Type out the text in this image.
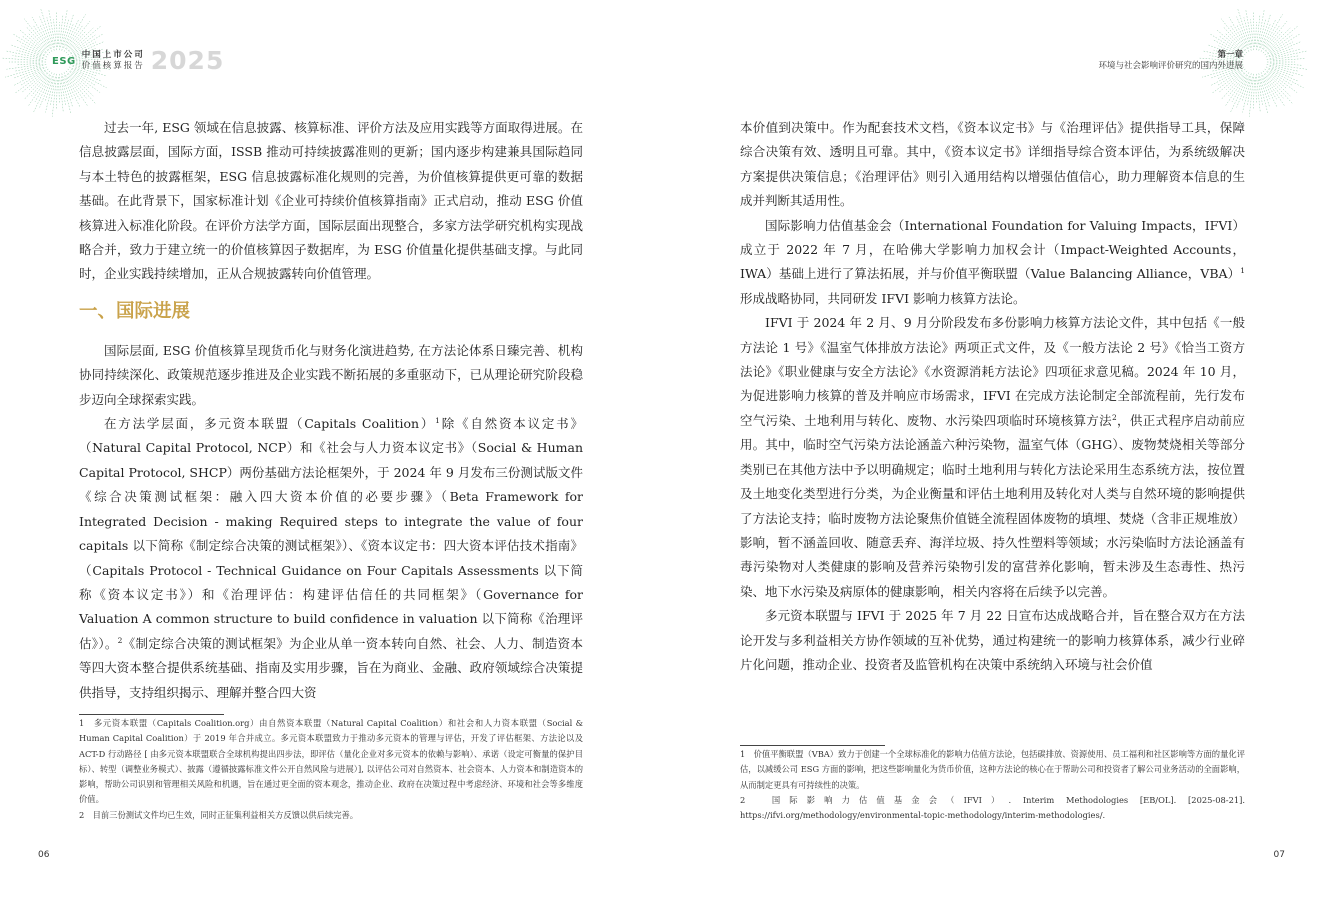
ESG
中国上市公司
价值核算报告 2025	第一章
环境与社会影响评价研究的国内外进展

过去一年, ESG 领域在信息披露、核算标准、评价方法及应用实践等方面取得进展。在信息披露层面，国际方面，ISSB 推动可持续披露准则的更新；国内逐步构建兼具国际趋同与本土特色的披露框架，ESG 信息披露标准化规则的完善，为价值核算提供更可靠的数据基础。在此背景下，国家标准计划《企业可持续价值核算指南》正式启动，推动 ESG 价值核算进入标准化阶段。在评价方法学方面，国际层面出现整合，多家方法学研究机构实现战略合并，致力于建立统一的价值核算因子数据库，为 ESG 价值量化提供基础支撑。与此同时，企业实践持续增加，正从合规披露转向价值管理。

一、国际进展

国际层面, ESG 价值核算呈现货币化与财务化演进趋势, 在方法论体系日臻完善、机构协同持续深化、政策规范逐步推进及企业实践不断拓展的多重驱动下，已从理论研究阶段稳步迈向全球探索实践。

在方法学层面，多元资本联盟（Capitals Coalition）$^1$除《自然资本议定书》（Natural Capital Protocol, NCP）和《社会与人力资本议定书》（Social & Human Capital Protocol, SHCP）两份基础方法论框架外，于 2024 年 9 月发布三份测试版文件《综合决策测试框架：融入四大资本价值的必要步骤》（Beta Framework for Integrated Decision - making Required steps to integrate the value of four capitals 以下简称《制定综合决策的测试框架》）、《资本议定书：四大资本评估技术指南》（Capitals Protocol - Technical Guidance on Four Capitals Assessments 以下简称《资本议定书》）和《治理评估：构建评估信任的共同框架》（Governance for Valuation A common structure to build confidence in valuation 以下简称《治理评估》）。$^2$《制定综合决策的测试框架》为企业从单一资本转向自然、社会、人力、制造资本等四大资本整合提供系统基础、指南及实用步骤，旨在为商业、金融、政府领域综合决策提供指导，支持组织揭示、理解并整合四大资

本价值到决策中。作为配套技术文档，《资本议定书》与《治理评估》提供指导工具，保障综合决策有效、透明且可靠。其中，《资本议定书》详细指导综合资本评估，为系统级解决方案提供决策信息；《治理评估》则引入通用结构以增强估值信心，助力理解资本信息的生成并判断其适用性。

国际影响力估值基金会（International Foundation for Valuing Impacts，IFVI）成立于 2022 年 7 月，在哈佛大学影响力加权会计（Impact-Weighted Accounts，IWA）基础上进行了算法拓展，并与价值平衡联盟（Value Balancing Alliance，VBA）$^1$形成战略协同，共同研发 IFVI 影响力核算方法论。

IFVI 于 2024 年 2 月、9 月分阶段发布多份影响力核算方法论文件，其中包括《一般方法论 1 号》《温室气体排放方法论》两项正式文件，及《一般方法论 2 号》《恰当工资方法论》《职业健康与安全方法论》《水资源消耗方法论》四项征求意见稿。2024 年 10 月，为促进影响力核算的普及并响应市场需求，IFVI 在完成方法论制定全部流程前，先行发布空气污染、土地利用与转化、废物、水污染四项临时环境核算方法$^2$，供正式程序启动前应用。其中，临时空气污染方法论涵盖六种污染物，温室气体（GHG）、废物焚烧相关等部分类别已在其他方法中予以明确规定；临时土地利用与转化方法论采用生态系统方法，按位置及土地变化类型进行分类，为企业衡量和评估土地利用及转化对人类与自然环境的影响提供了方法论支持；临时废物方法论聚焦价值链全流程固体废物的填埋、焚烧（含非正规堆放）影响，暂不涵盖回收、随意丢弃、海洋垃圾、持久性塑料等领域；水污染临时方法论涵盖有毒污染物对人类健康的影响及营养污染物引发的富营养化影响，暂未涉及生态毒性、热污染、地下水污染及病原体的健康影响，相关内容将在后续予以完善。

多元资本联盟与 IFVI 于 2025 年 7 月 22 日宣布达成战略合并，旨在整合双方在方法论开发与多利益相关方协作领域的互补优势，通过构建统一的影响力核算体系，减少行业碎片化问题，推动企业、投资者及监管机构在决策中系统纳入环境与社会价值

1　多元资本联盟（Capitals Coalition.org）由自然资本联盟（Natural Capital Coalition）和社会和人力资本联盟（Social & Human Capital Coalition）于 2019 年合并成立。多元资本联盟致力于推动多元资本的管理与评估，开发了评估框架、方法论以及 ACT-D 行动路径 [ 由多元资本联盟联合全球机构提出四步法，即评估（量化企业对多元资本的依赖与影响）、承诺（设定可衡量的保护目标）、转型（调整业务模式）、披露（遵循披露标准文件公开自然风险与进展）], 以评估公司对自然资本、社会资本、人力资本和制造资本的影响，帮助公司识别和管理相关风险和机遇，旨在通过更全面的资本观念，推动企业、政府在决策过程中考虑经济、环境和社会等多维度价值。
2　目前三份测试文件均已生效，同时正征集利益相关方反馈以供后续完善。
1　价值平衡联盟（VBA）致力于创建一个全球标准化的影响力估值方法论，包括碳排放、资源使用、员工福利和社区影响等方面的量化评估，以减缓公司 ESG 方面的影响，把这些影响量化为货币价值，这种方法论的核心在于帮助公司和投资者了解公司业务活动的全面影响，从而制定更具有可持续性的决策。
2　国际影响力估值基金会（IFVI）. Interim Methodologies [EB/OL]. [2025-08-21]. https://ifvi.org/methodology/environmental-topic-methodology/interim-methodologies/.
06	07
